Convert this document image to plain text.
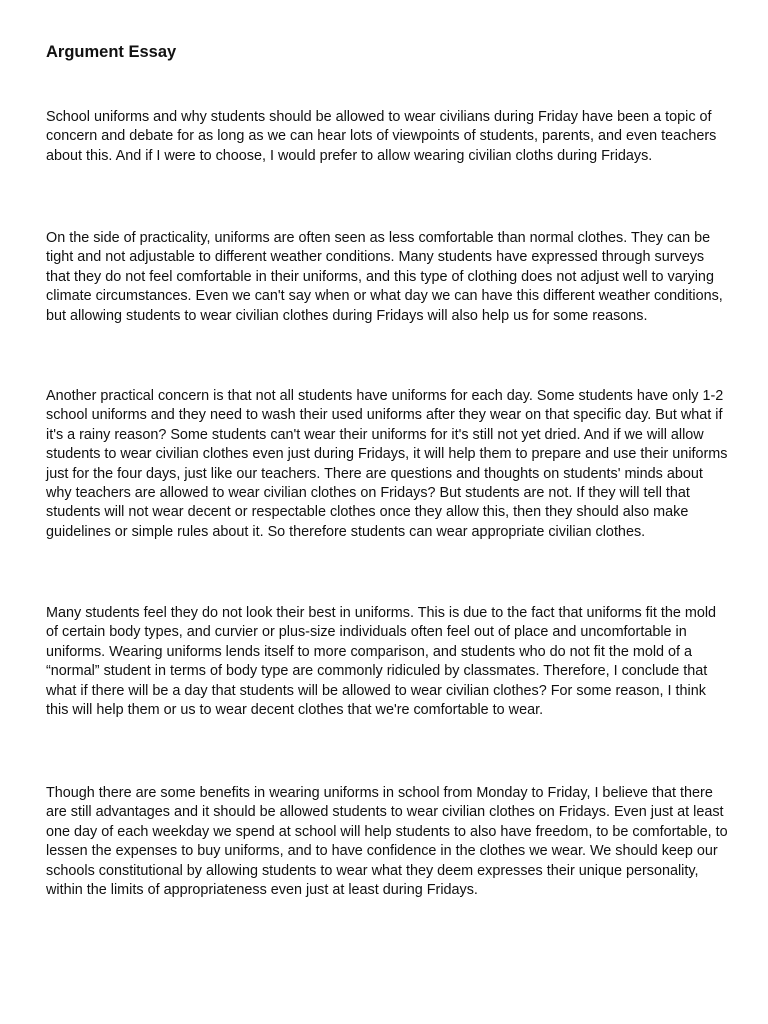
Argument Essay

School uniforms and why students should be allowed to wear civilians during Friday have been a topic of concern and debate for as long as we can hear lots of viewpoints of students, parents, and even teachers about this. And if I were to choose, I would prefer to allow wearing civilian cloths during Fridays.

On the side of practicality, uniforms are often seen as less comfortable than normal clothes. They can be tight and not adjustable to different weather conditions. Many students have expressed through surveys that they do not feel comfortable in their uniforms, and this type of clothing does not adjust well to varying climate circumstances. Even we can't say when or what day we can have this different weather conditions, but allowing students to wear civilian clothes during Fridays will also help us for some reasons.

Another practical concern is that not all students have uniforms for each day. Some students have only 1-2 school uniforms and they need to wash their used uniforms after they wear on that specific day. But what if it's a rainy reason? Some students can't wear their uniforms for it's still not yet dried. And if we will allow students to wear civilian clothes even just during Fridays, it will help them to prepare and use their uniforms just for the four days, just like our teachers. There are questions and thoughts on students' minds about why teachers are allowed to wear civilian clothes on Fridays? But students are not. If they will tell that students will not wear decent or respectable clothes once they allow this, then they should also make guidelines or simple rules about it. So therefore students can wear appropriate civilian clothes.

Many students feel they do not look their best in uniforms. This is due to the fact that uniforms fit the mold of certain body types, and curvier or plus-size individuals often feel out of place and uncomfortable in uniforms. Wearing uniforms lends itself to more comparison, and students who do not fit the mold of a “normal” student in terms of body type are commonly ridiculed by classmates. Therefore, I conclude that what if there will be a day that students will be allowed to wear civilian clothes? For some reason, I think this will help them or us to wear decent clothes that we're comfortable to wear.

Though there are some benefits in wearing uniforms in school from Monday to Friday, I believe that there are still advantages and it should be allowed students to wear civilian clothes on Fridays. Even just at least one day of each weekday we spend at school will help students to also have freedom, to be comfortable, to lessen the expenses to buy uniforms, and to have confidence in the clothes we wear. We should keep our schools constitutional by allowing students to wear what they deem expresses their unique personality, within the limits of appropriateness even just at least during Fridays.
